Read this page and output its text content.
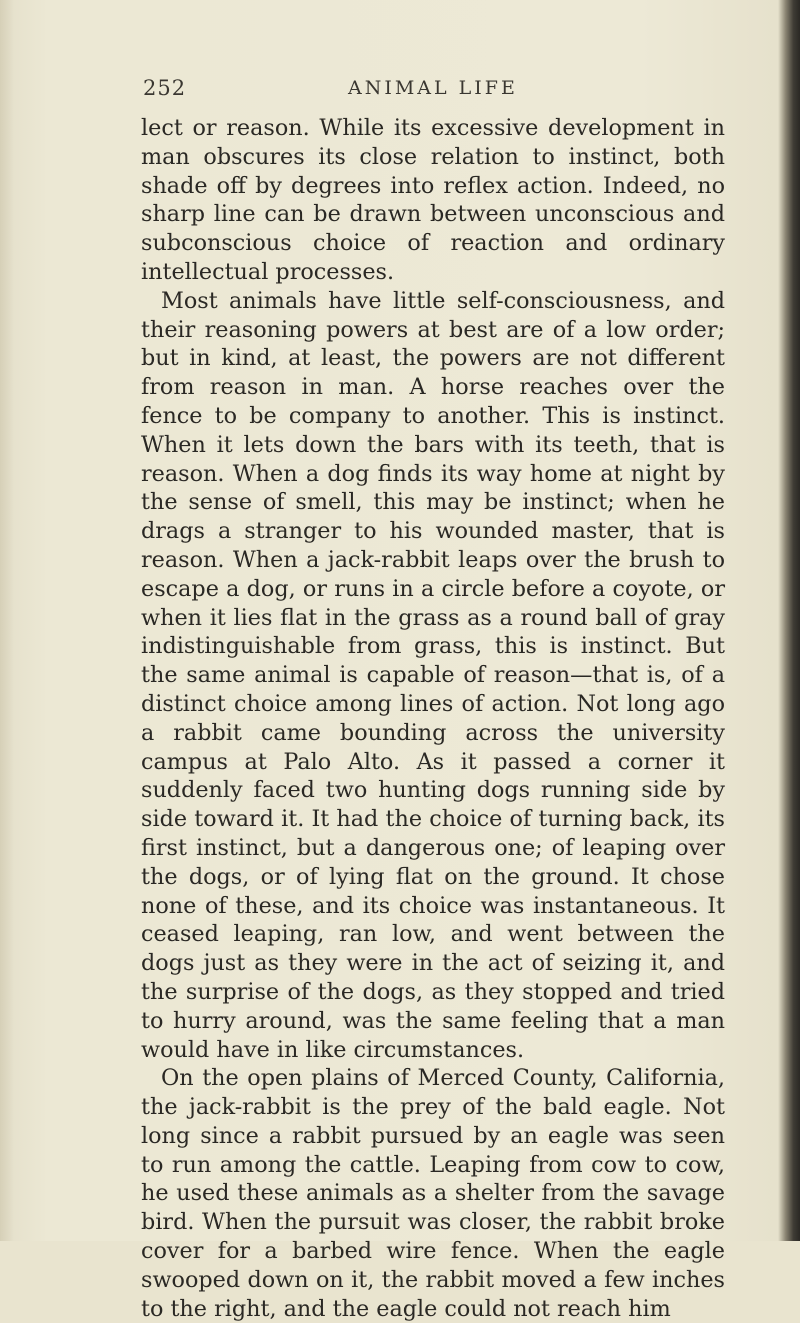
252	ANIMAL LIFE

lect or reason. While its excessive development in man obscures its close relation to instinct, both shade off by degrees into reflex action. Indeed, no sharp line can be drawn between unconscious and subconscious choice of reaction and ordinary intellectual processes.

Most animals have little self-consciousness, and their reasoning powers at best are of a low order; but in kind, at least, the powers are not different from reason in man. A horse reaches over the fence to be company to another. This is instinct. When it lets down the bars with its teeth, that is reason. When a dog finds its way home at night by the sense of smell, this may be instinct; when he drags a stranger to his wounded master, that is reason. When a jack-rabbit leaps over the brush to escape a dog, or runs in a circle before a coyote, or when it lies flat in the grass as a round ball of gray indistinguishable from grass, this is instinct. But the same animal is capable of reason—that is, of a distinct choice among lines of action. Not long ago a rabbit came bounding across the university campus at Palo Alto. As it passed a corner it suddenly faced two hunting dogs running side by side toward it. It had the choice of turning back, its first instinct, but a dangerous one; of leaping over the dogs, or of lying flat on the ground. It chose none of these, and its choice was instantaneous. It ceased leaping, ran low, and went between the dogs just as they were in the act of seizing it, and the surprise of the dogs, as they stopped and tried to hurry around, was the same feeling that a man would have in like circumstances.

On the open plains of Merced County, California, the jack-rabbit is the prey of the bald eagle. Not long since a rabbit pursued by an eagle was seen to run among the cattle. Leaping from cow to cow, he used these animals as a shelter from the savage bird. When the pursuit was closer, the rabbit broke cover for a barbed wire fence. When the eagle swooped down on it, the rabbit moved a few inches to the right, and the eagle could not reach him
